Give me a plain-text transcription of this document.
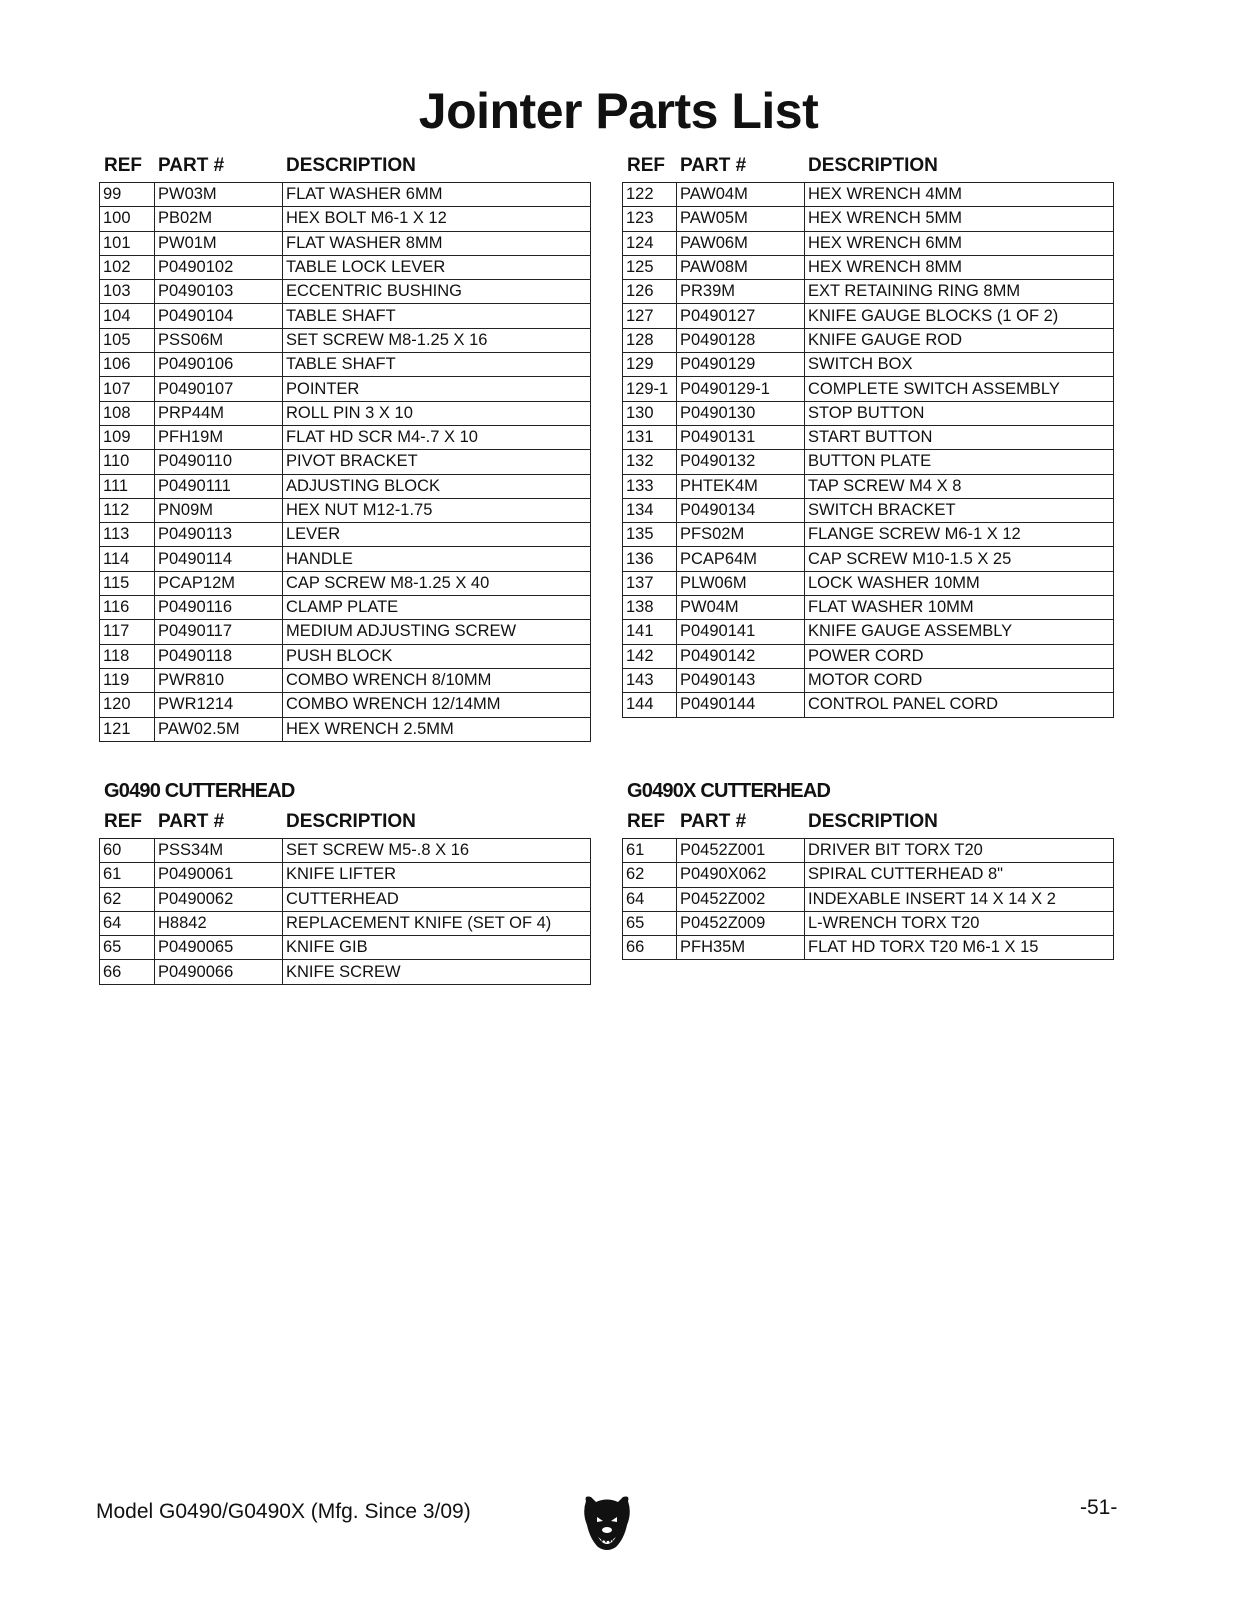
Jointer Parts List
REF PART #	DESCRIPTION
99	PW03M	FLAT WASHER 6MM
100	PB02M	HEX BOLT M6-1 X 12
101	PW01M	FLAT WASHER 8MM
102	P0490102	TABLE LOCK LEVER
103	P0490103	ECCENTRIC BUSHING
104	P0490104	TABLE SHAFT
105	PSS06M	SET SCREW M8-1.25 X 16
106	P0490106	TABLE SHAFT
107	P0490107	POINTER
108	PRP44M	ROLL PIN 3 X 10
109	PFH19M	FLAT HD SCR M4-.7 X 10
110	P0490110	PIVOT BRACKET
111	P0490111	ADJUSTING BLOCK
112	PN09M	HEX NUT M12-1.75
113	P0490113	LEVER
114	P0490114	HANDLE
115	PCAP12M	CAP SCREW M8-1.25 X 40
116	P0490116	CLAMP PLATE
117	P0490117	MEDIUM ADJUSTING SCREW
118	P0490118	PUSH BLOCK
119	PWR810	COMBO WRENCH 8/10MM
120	PWR1214	COMBO WRENCH 12/14MM
121	PAW02.5M	HEX WRENCH 2.5MM
REF PART #	DESCRIPTION
122	PAW04M	HEX WRENCH 4MM
123	PAW05M	HEX WRENCH 5MM
124	PAW06M	HEX WRENCH 6MM
125	PAW08M	HEX WRENCH 8MM
126	PR39M	EXT RETAINING RING 8MM
127	P0490127	KNIFE GAUGE BLOCKS (1 OF 2)
128	P0490128	KNIFE GAUGE ROD
129	P0490129	SWITCH BOX
129-1	P0490129-1	COMPLETE SWITCH ASSEMBLY
130	P0490130	STOP BUTTON
131	P0490131	START BUTTON
132	P0490132	BUTTON PLATE
133	PHTEK4M	TAP SCREW M4 X 8
134	P0490134	SWITCH BRACKET
135	PFS02M	FLANGE SCREW M6-1 X 12
136	PCAP64M	CAP SCREW M10-1.5 X 25
137	PLW06M	LOCK WASHER 10MM
138	PW04M	FLAT WASHER 10MM
141	P0490141	KNIFE GAUGE ASSEMBLY
142	P0490142	POWER CORD
143	P0490143	MOTOR CORD
144	P0490144	CONTROL PANEL CORD
G0490 CUTTERHEAD
REF PART #	DESCRIPTION
60	PSS34M	SET SCREW M5-.8 X 16
61	P0490061	KNIFE LIFTER
62	P0490062	CUTTERHEAD
64	H8842	REPLACEMENT KNIFE (SET OF 4)
65	P0490065	KNIFE GIB
66	P0490066	KNIFE SCREW
G0490X CUTTERHEAD
REF PART #	DESCRIPTION
61	P0452Z001	DRIVER BIT TORX T20
62	P0490X062	SPIRAL CUTTERHEAD 8"
64	P0452Z002	INDEXABLE INSERT 14 X 14 X 2
65	P0452Z009	L-WRENCH TORX T20
66	PFH35M	FLAT HD TORX T20 M6-1 X 15
Model G0490/G0490X (Mfg. Since 3/09)	-51-
